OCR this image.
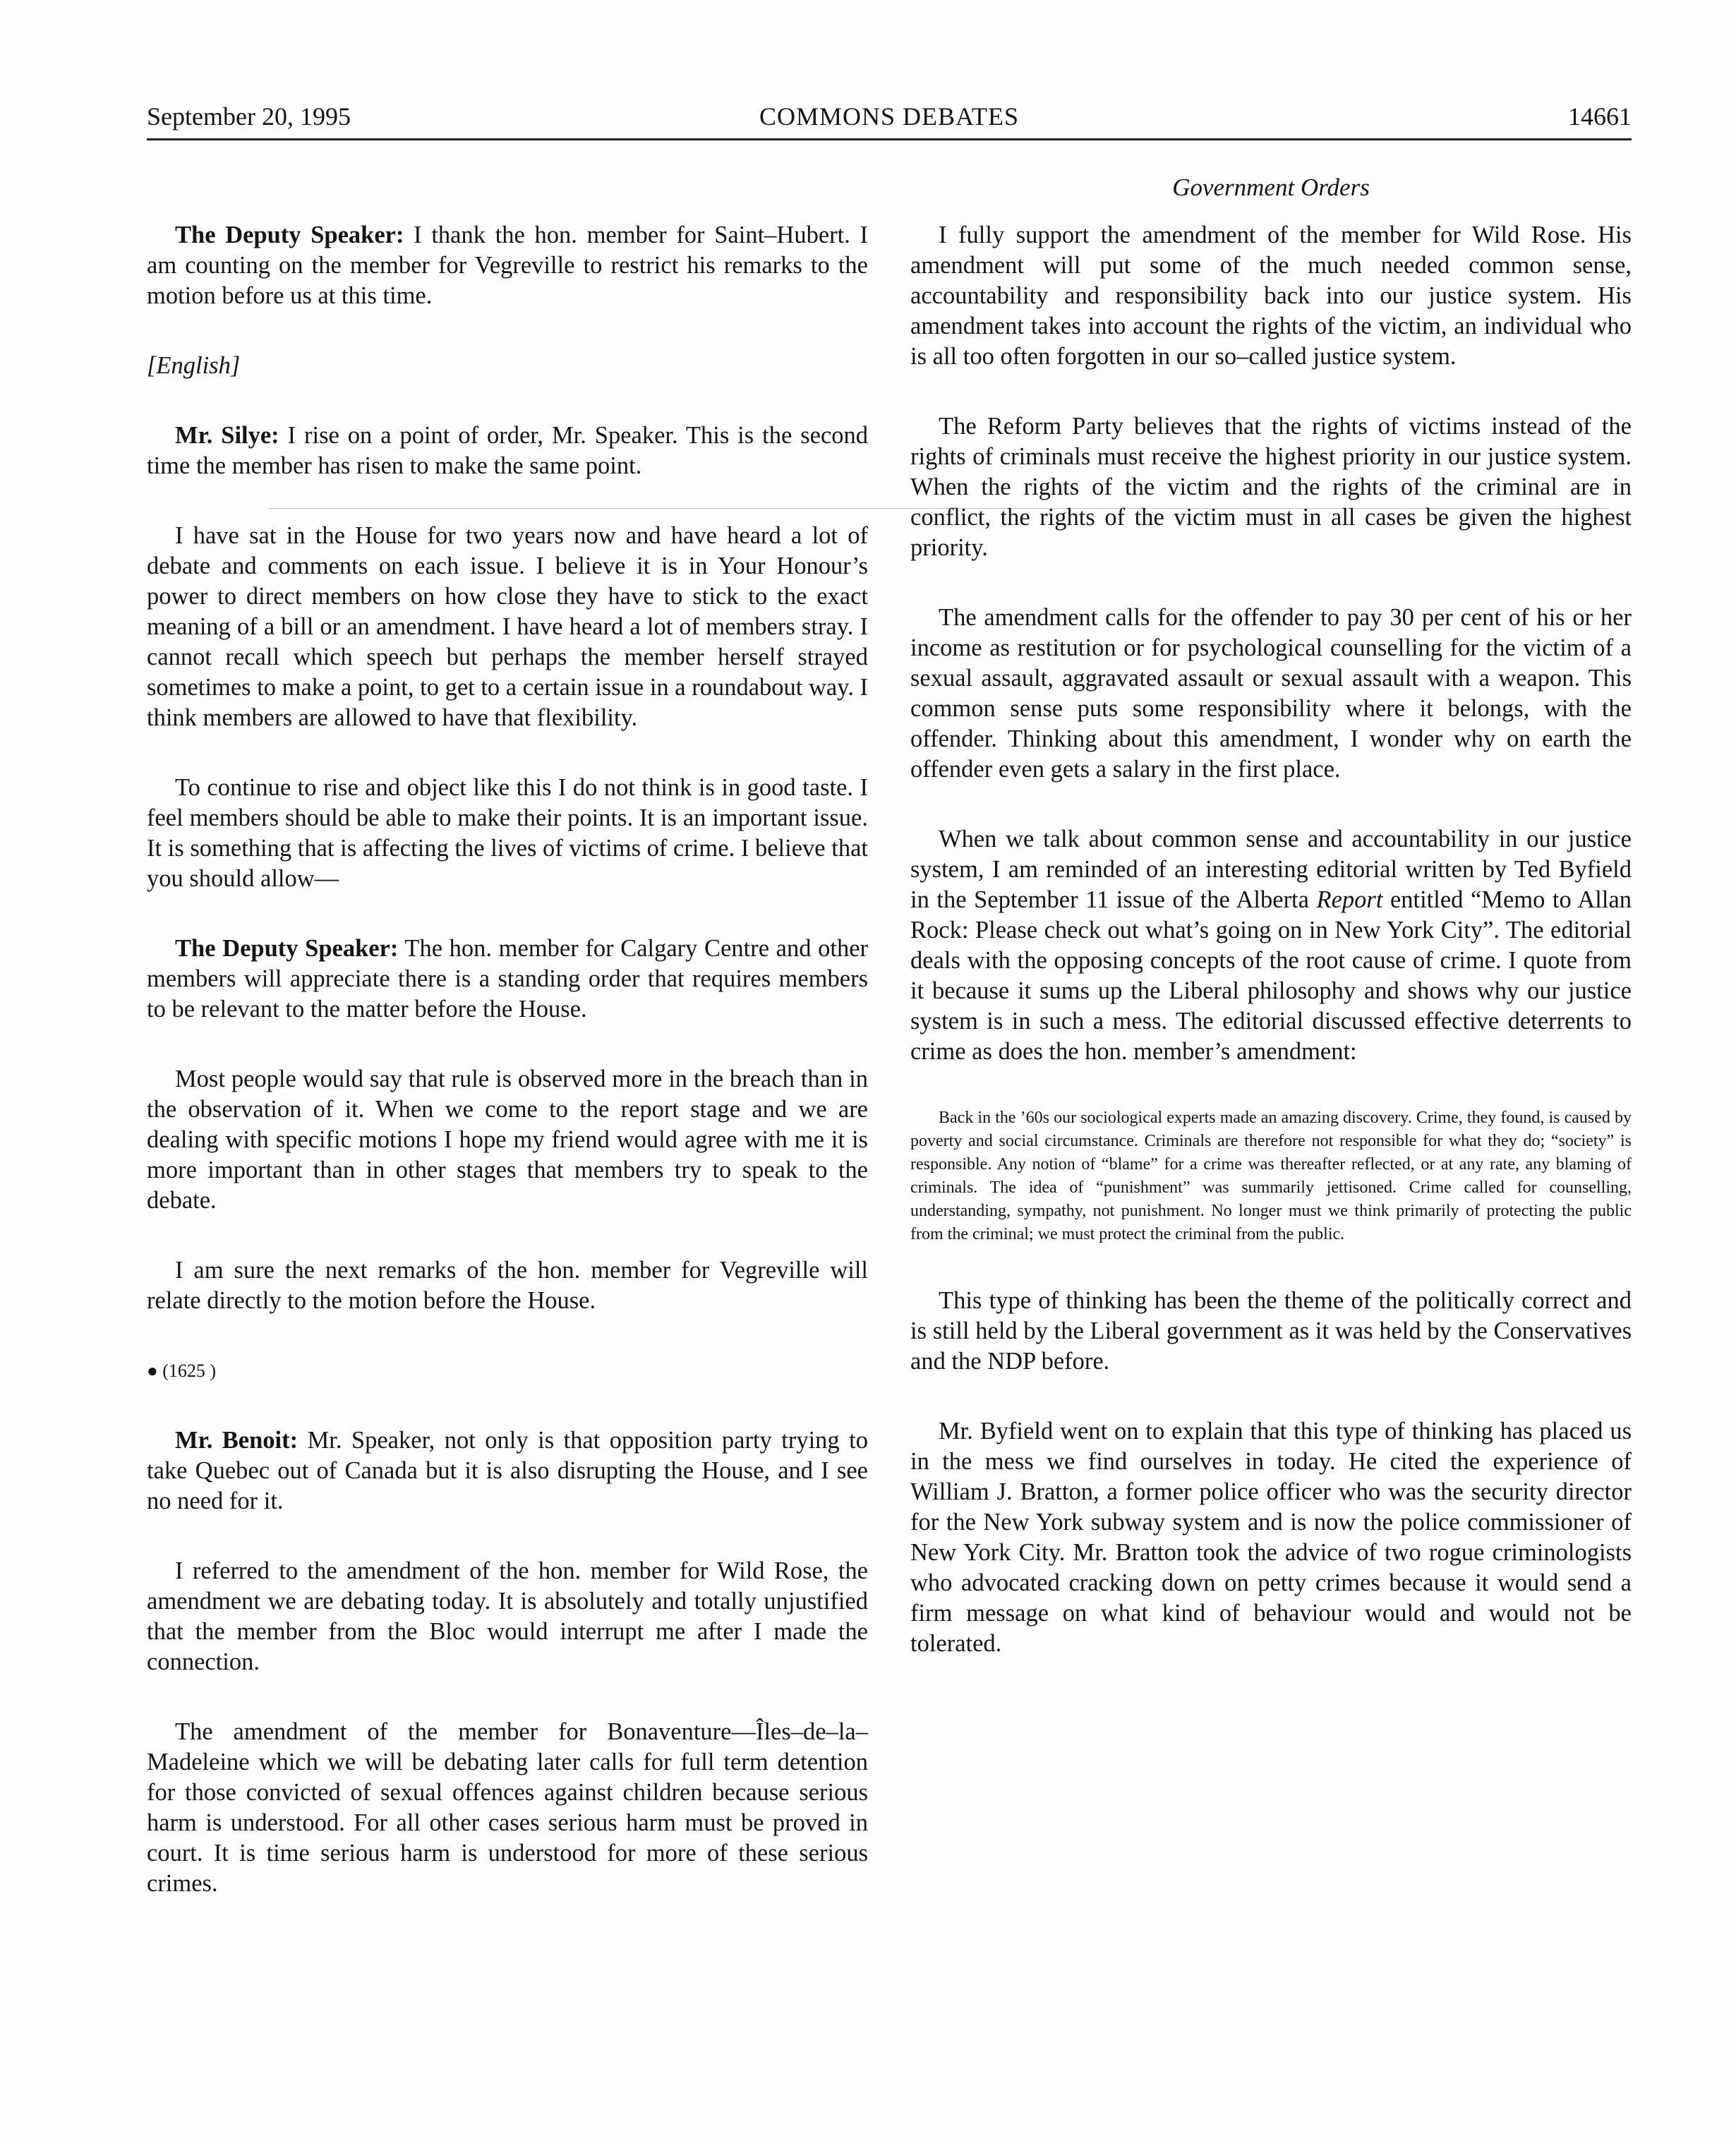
September 20, 1995	COMMONS DEBATES	14661
Government Orders

The Deputy Speaker: I thank the hon. member for Saint–Hubert. I am counting on the member for Vegreville to restrict his remarks to the motion before us at this time.

[English]

Mr. Silye: I rise on a point of order, Mr. Speaker. This is the second time the member has risen to make the same point.

I have sat in the House for two years now and have heard a lot of debate and comments on each issue. I believe it is in Your Honour’s power to direct members on how close they have to stick to the exact meaning of a bill or an amendment. I have heard a lot of members stray. I cannot recall which speech but perhaps the member herself strayed sometimes to make a point, to get to a certain issue in a roundabout way. I think members are allowed to have that flexibility.

To continue to rise and object like this I do not think is in good taste. I feel members should be able to make their points. It is an important issue. It is something that is affecting the lives of victims of crime. I believe that you should allow—

The Deputy Speaker: The hon. member for Calgary Centre and other members will appreciate there is a standing order that requires members to be relevant to the matter before the House.

Most people would say that rule is observed more in the breach than in the observation of it. When we come to the report stage and we are dealing with specific motions I hope my friend would agree with me it is more important than in other stages that members try to speak to the debate.

I am sure the next remarks of the hon. member for Vegreville will relate directly to the motion before the House.

● (1625 )

Mr. Benoit: Mr. Speaker, not only is that opposition party trying to take Quebec out of Canada but it is also disrupting the House, and I see no need for it.

I referred to the amendment of the hon. member for Wild Rose, the amendment we are debating today. It is absolutely and totally unjustified that the member from the Bloc would interrupt me after I made the connection.

The amendment of the member for Bonaventure—Îles–de–la–Madeleine which we will be debating later calls for full term detention for those convicted of sexual offences against children because serious harm is understood. For all other cases serious harm must be proved in court. It is time serious harm is understood for more of these serious crimes.

I fully support the amendment of the member for Wild Rose. His amendment will put some of the much needed common sense, accountability and responsibility back into our justice system. His amendment takes into account the rights of the victim, an individual who is all too often forgotten in our so–called justice system.

The Reform Party believes that the rights of victims instead of the rights of criminals must receive the highest priority in our justice system. When the rights of the victim and the rights of the criminal are in conflict, the rights of the victim must in all cases be given the highest priority.

The amendment calls for the offender to pay 30 per cent of his or her income as restitution or for psychological counselling for the victim of a sexual assault, aggravated assault or sexual assault with a weapon. This common sense puts some responsibility where it belongs, with the offender. Thinking about this amendment, I wonder why on earth the offender even gets a salary in the first place.

When we talk about common sense and accountability in our justice system, I am reminded of an interesting editorial written by Ted Byfield in the September 11 issue of the Alberta Report entitled “Memo to Allan Rock: Please check out what’s going on in New York City”. The editorial deals with the opposing concepts of the root cause of crime. I quote from it because it sums up the Liberal philosophy and shows why our justice system is in such a mess. The editorial discussed effective deterrents to crime as does the hon. member’s amendment:

Back in the ’60s our sociological experts made an amazing discovery. Crime, they found, is caused by poverty and social circumstance. Criminals are therefore not responsible for what they do; “society” is responsible. Any notion of “blame” for a crime was thereafter reflected, or at any rate, any blaming of criminals. The idea of “punishment” was summarily jettisoned. Crime called for counselling, understanding, sympathy, not punishment. No longer must we think primarily of protecting the public from the criminal; we must protect the criminal from the public.

This type of thinking has been the theme of the politically correct and is still held by the Liberal government as it was held by the Conservatives and the NDP before.

Mr. Byfield went on to explain that this type of thinking has placed us in the mess we find ourselves in today. He cited the experience of William J. Bratton, a former police officer who was the security director for the New York subway system and is now the police commissioner of New York City. Mr. Bratton took the advice of two rogue criminologists who advocated cracking down on petty crimes because it would send a firm message on what kind of behaviour would and would not be tolerated.
